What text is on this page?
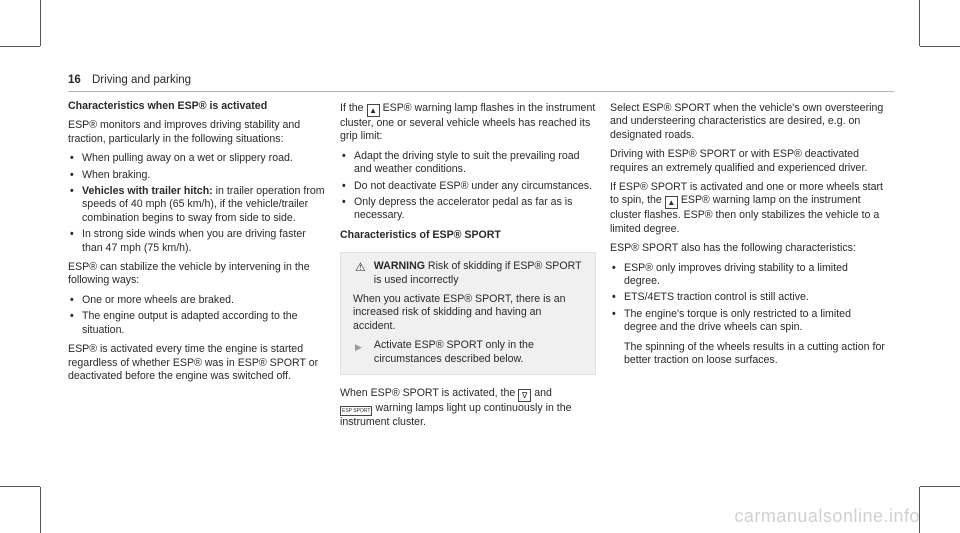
16 Driving and parking

Characteristics when ESP® is activated

ESP® monitors and improves driving stability and traction, particularly in the following situations:

• When pulling away on a wet or slippery road.
• When braking.
• Vehicles with trailer hitch: in trailer operation from speeds of 40 mph (65 km/h), if the vehicle/trailer combination begins to sway from side to side.
• In strong side winds when you are driving faster than 47 mph (75 km/h).

ESP® can stabilize the vehicle by intervening in the following ways:

• One or more wheels are braked.
• The engine output is adapted according to the situation.

ESP® is activated every time the engine is started regardless of whether ESP® was in ESP® SPORT or deactivated before the engine was switched off.

If the ▲ ESP® warning lamp flashes in the instrument cluster, one or several vehicle wheels has reached its grip limit:

• Adapt the driving style to suit the prevailing road and weather conditions.
• Do not deactivate ESP® under any circumstances.
• Only depress the accelerator pedal as far as is necessary.

Characteristics of ESP® SPORT

⚠ WARNING Risk of skidding if ESP® SPORT is used incorrectly

When you activate ESP® SPORT, there is an increased risk of skidding and having an accident.

▶ Activate ESP® SPORT only in the circumstances described below.

When ESP® SPORT is activated, the ∇ and
ESP SPORT warning lamps light up continuously in the instrument cluster.

Select ESP® SPORT when the vehicle's own oversteering and understeering characteristics are desired, e.g. on designated roads.

Driving with ESP® SPORT or with ESP® deactivated requires an extremely qualified and experienced driver.

If ESP® SPORT is activated and one or more wheels start to spin, the ▲ ESP® warning lamp on the instrument cluster flashes. ESP® then only stabilizes the vehicle to a limited degree.

ESP® SPORT also has the following characteristics:

• ESP® only improves driving stability to a limited degree.
• ETS/4ETS traction control is still active.
• The engine's torque is only restricted to a limited degree and the drive wheels can spin.

The spinning of the wheels results in a cutting action for better traction on loose surfaces.

carmanualsonline.info
